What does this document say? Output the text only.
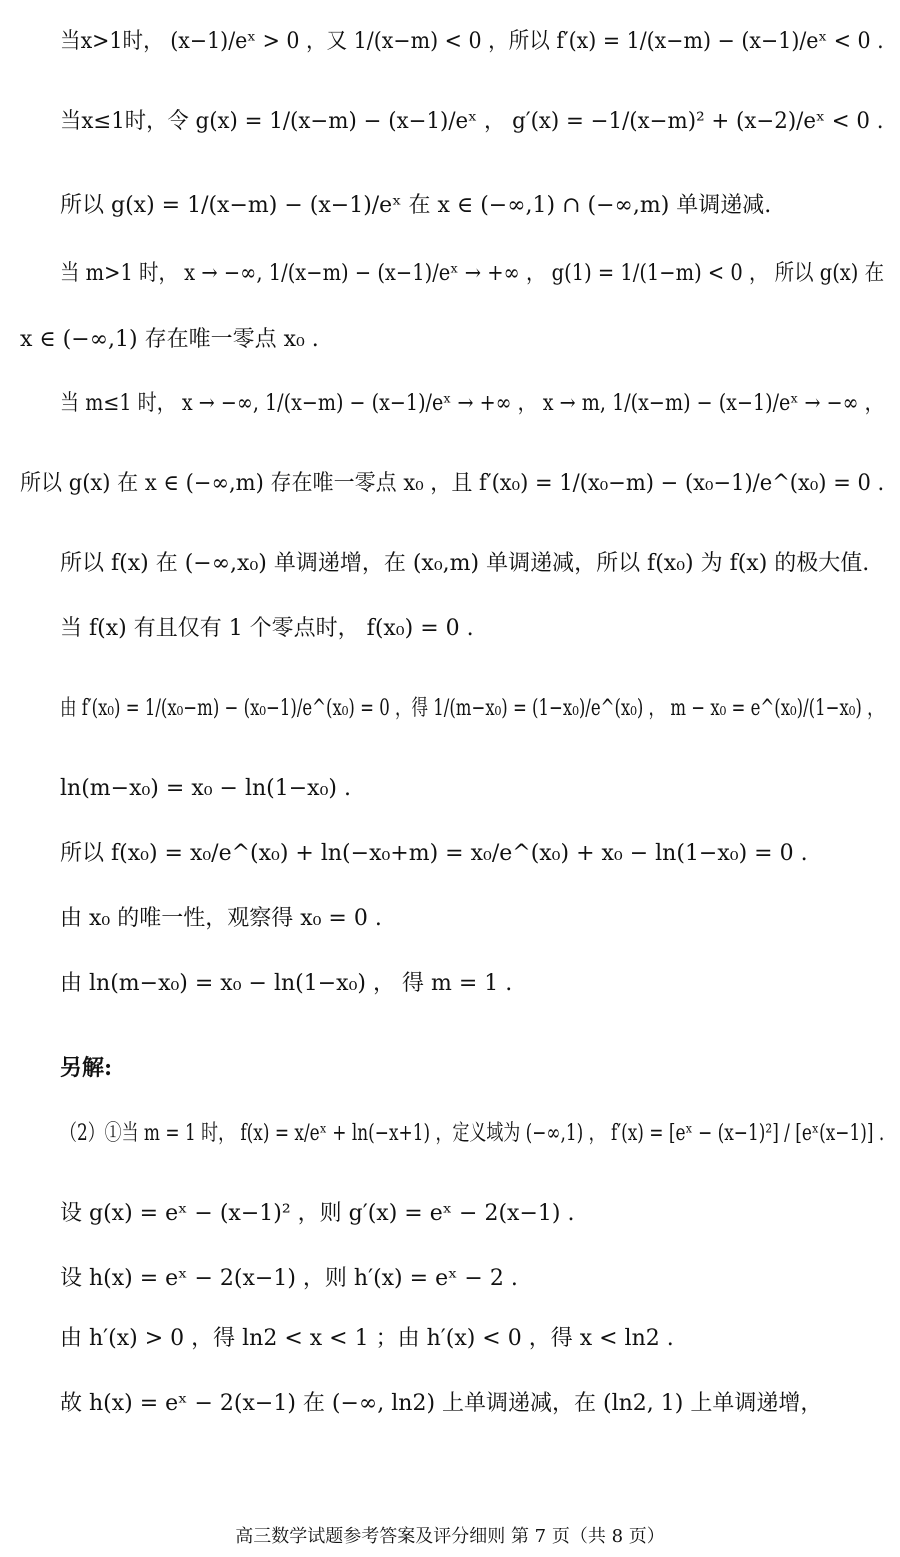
当x>1时， (x−1)/eˣ > 0 ，又 1/(x−m) < 0 ，所以 f′(x) = 1/(x−m) − (x−1)/eˣ < 0 .
当x≤1时，令 g(x) = 1/(x−m) − (x−1)/eˣ ， g′(x) = −1/(x−m)² + (x−2)/eˣ < 0 .
所以 g(x) = 1/(x−m) − (x−1)/eˣ 在 x ∈ (−∞,1) ∩ (−∞,m) 单调递减.
当 m>1 时， x → −∞, 1/(x−m) − (x−1)/eˣ → +∞ ， g(1) = 1/(1−m) < 0 ， 所以 g(x) 在
x ∈ (−∞,1) 存在唯一零点 x₀ .
当 m≤1 时， x → −∞, 1/(x−m) − (x−1)/eˣ → +∞ ， x → m, 1/(x−m) − (x−1)/eˣ → −∞ ，
所以 g(x) 在 x ∈ (−∞,m) 存在唯一零点 x₀ ，且 f′(x₀) = 1/(x₀−m) − (x₀−1)/e^(x₀) = 0 .
所以 f(x) 在 (−∞,x₀) 单调递增，在 (x₀,m) 单调递减，所以 f(x₀) 为 f(x) 的极大值.
当 f(x) 有且仅有 1 个零点时， f(x₀) = 0 .
由 f′(x₀) = 1/(x₀−m) − (x₀−1)/e^(x₀) = 0 ，得 1/(m−x₀) = (1−x₀)/e^(x₀) ， m − x₀ = e^(x₀)/(1−x₀) ，
ln(m−x₀) = x₀ − ln(1−x₀) .
所以 f(x₀) = x₀/e^(x₀) + ln(−x₀+m) = x₀/e^(x₀) + x₀ − ln(1−x₀) = 0 .
由 x₀ 的唯一性，观察得 x₀ = 0 .
由 ln(m−x₀) = x₀ − ln(1−x₀) ， 得 m = 1 .
另解:
（2）①当 m = 1 时， f(x) = x/eˣ + ln(−x+1) ，定义域为 (−∞,1) ， f′(x) = [eˣ − (x−1)²] / [eˣ(x−1)] .
设 g(x) = eˣ − (x−1)² ，则 g′(x) = eˣ − 2(x−1) .
设 h(x) = eˣ − 2(x−1) ，则 h′(x) = eˣ − 2 .
由 h′(x) > 0 ，得 ln2 < x < 1 ；由 h′(x) < 0 ，得 x < ln2 .
故 h(x) = eˣ − 2(x−1) 在 (−∞, ln2) 上单调递减，在 (ln2, 1) 上单调递增，
高三数学试题参考答案及评分细则 第 7 页（共 8 页）
